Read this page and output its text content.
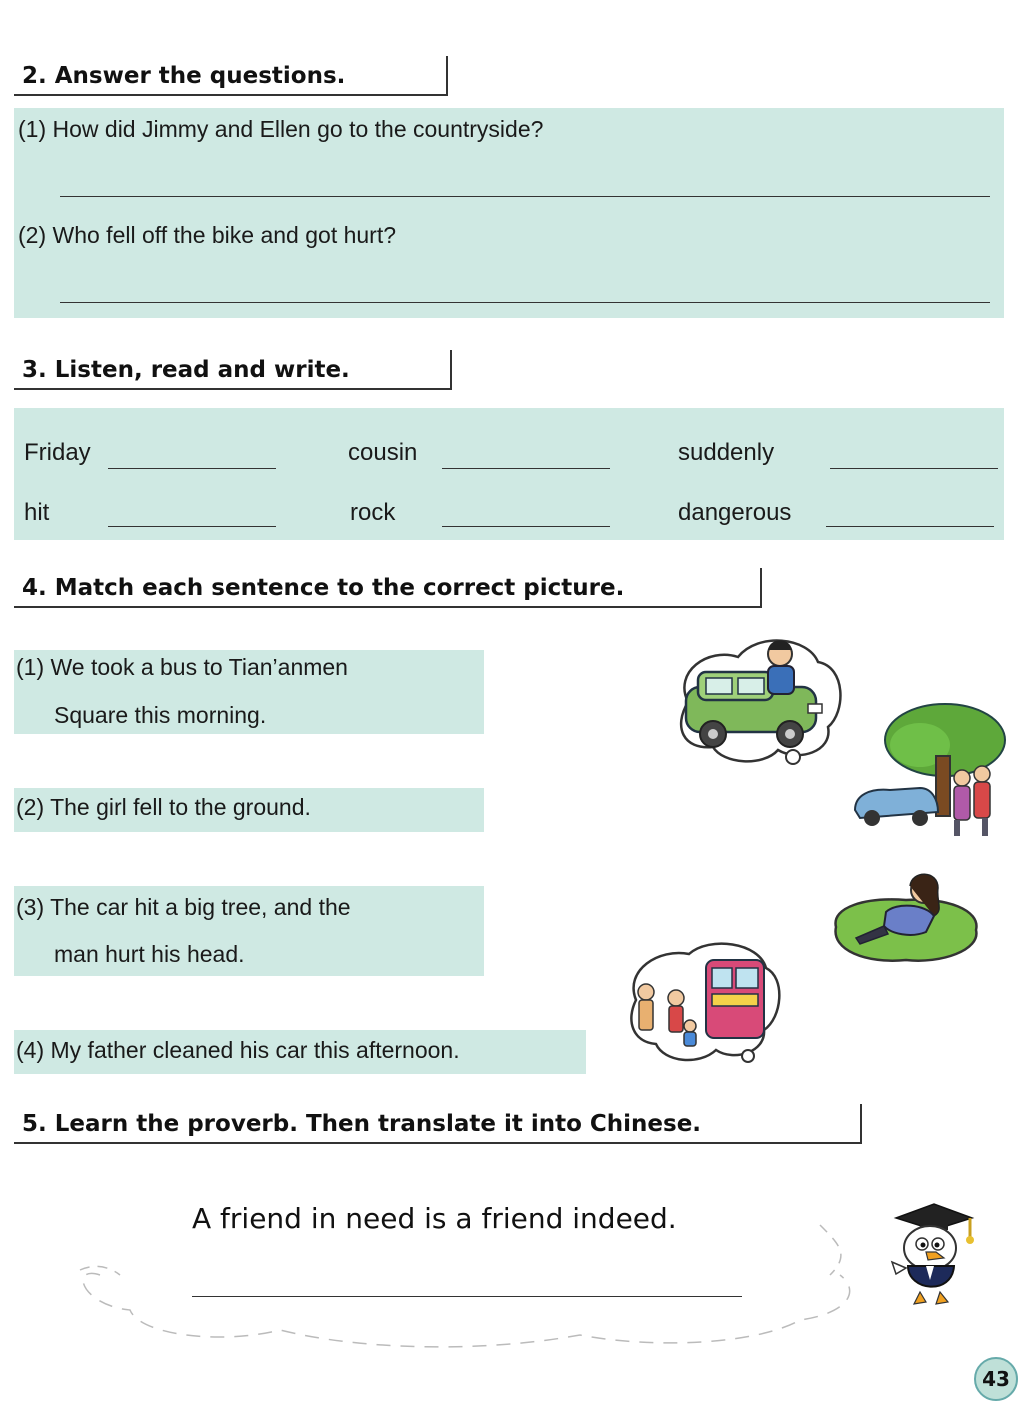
2. Answer the questions.
(1) How did Jimmy and Ellen go to the countryside?
(2) Who fell off the bike and got hurt?
3. Listen, read and write.
Friday	cousin	suddenly
hit	rock	dangerous
4. Match each sentence to the correct picture.
(1) We took a bus to Tian’anmen
Square this morning.
(2) The girl fell to the ground.
(3) The car hit a big tree, and the
man hurt his head.
(4) My father cleaned his car this afternoon.
5. Learn the proverb. Then translate it into Chinese.
A friend in need is a friend indeed.
43
